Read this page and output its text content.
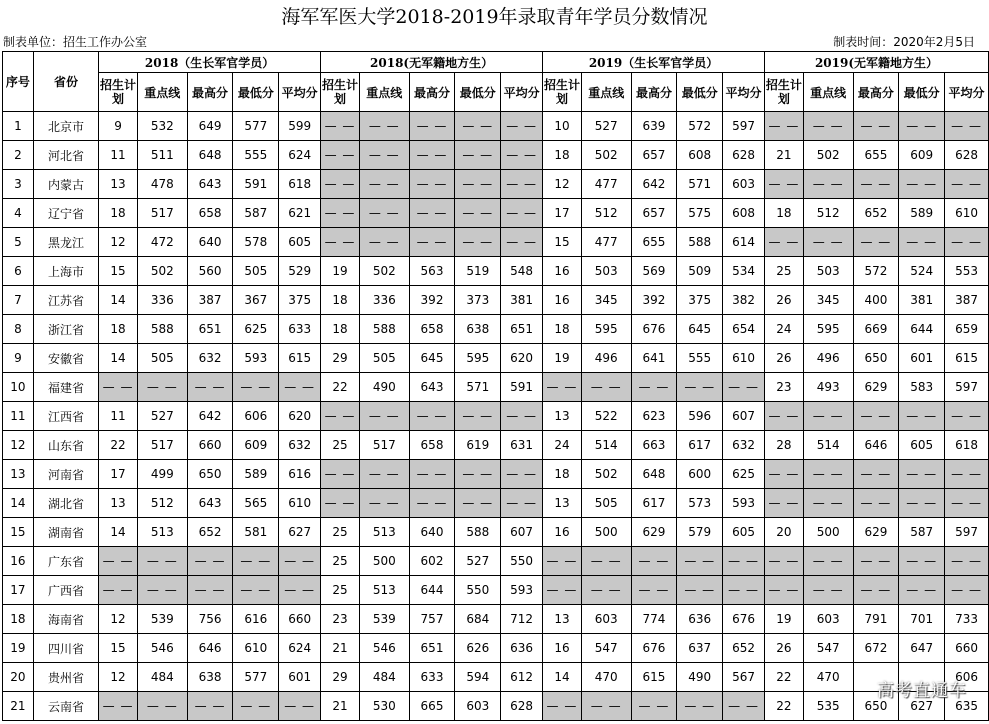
海军军医大学2018-2019年录取青年学员分数情况
制表单位：招生工作办公室	制表时间：2020年2月5日
序号	省份	2018（生长军官学员）					2018(无军籍地方生）					2019（生长军官学员）					2019(无军籍地方生）				
		招生计划	重点线	最高分	最低分	平均分	招生计划	重点线	最高分	最低分	平均分	招生计划	重点线	最高分	最低分	平均分	招生计划	重点线	最高分	最低分	平均分
1	北京市	9	532	649	577	599	— —	— —	— —	— —	— —	10	527	639	572	597	— —	— —	— —	— —	— —
2	河北省	11	511	648	555	624	— —	— —	— —	— —	— —	18	502	657	608	628	21	502	655	609	628
3	内蒙古	13	478	643	591	618	— —	— —	— —	— —	— —	12	477	642	571	603	— —	— —	— —	— —	— —
4	辽宁省	18	517	658	587	621	— —	— —	— —	— —	— —	17	512	657	575	608	18	512	652	589	610
5	黑龙江	12	472	640	578	605	— —	— —	— —	— —	— —	15	477	655	588	614	— —	— —	— —	— —	— —
6	上海市	15	502	560	505	529	19	502	563	519	548	16	503	569	509	534	25	503	572	524	553
7	江苏省	14	336	387	367	375	18	336	392	373	381	16	345	392	375	382	26	345	400	381	387
8	浙江省	18	588	651	625	633	18	588	658	638	651	18	595	676	645	654	24	595	669	644	659
9	安徽省	14	505	632	593	615	29	505	645	595	620	19	496	641	555	610	26	496	650	601	615
10	福建省	— —	— —	— —	— —	— —	22	490	643	571	591	— —	— —	— —	— —	— —	23	493	629	583	597
11	江西省	11	527	642	606	620	— —	— —	— —	— —	— —	13	522	623	596	607	— —	— —	— —	— —	— —
12	山东省	22	517	660	609	632	25	517	658	619	631	24	514	663	617	632	28	514	646	605	618
13	河南省	17	499	650	589	616	— —	— —	— —	— —	— —	18	502	648	600	625	— —	— —	— —	— —	— —
14	湖北省	13	512	643	565	610	— —	— —	— —	— —	— —	13	505	617	573	593	— —	— —	— —	— —	— —
15	湖南省	14	513	652	581	627	25	513	640	588	607	16	500	629	579	605	20	500	629	587	597
16	广东省	— —	— —	— —	— —	— —	25	500	602	527	550	— —	— —	— —	— —	— —	— —	— —	— —	— —	— —
17	广西省	— —	— —	— —	— —	— —	25	513	644	550	593	— —	— —	— —	— —	— —	— —	— —	— —	— —	— —
18	海南省	12	539	756	616	660	23	539	757	684	712	13	603	774	636	676	19	603	791	701	733
19	四川省	15	546	646	610	624	21	546	651	626	636	16	547	676	637	652	26	547	672	647	660
20	贵州省	12	484	638	577	601	29	484	633	594	612	14	470	615	490	567	22	470			606
21	云南省	— —	— —	— —	— —	— —	21	530	665	603	628	— —	— —	— —	— —	— —	22	535	650	627	635
高考直通车
